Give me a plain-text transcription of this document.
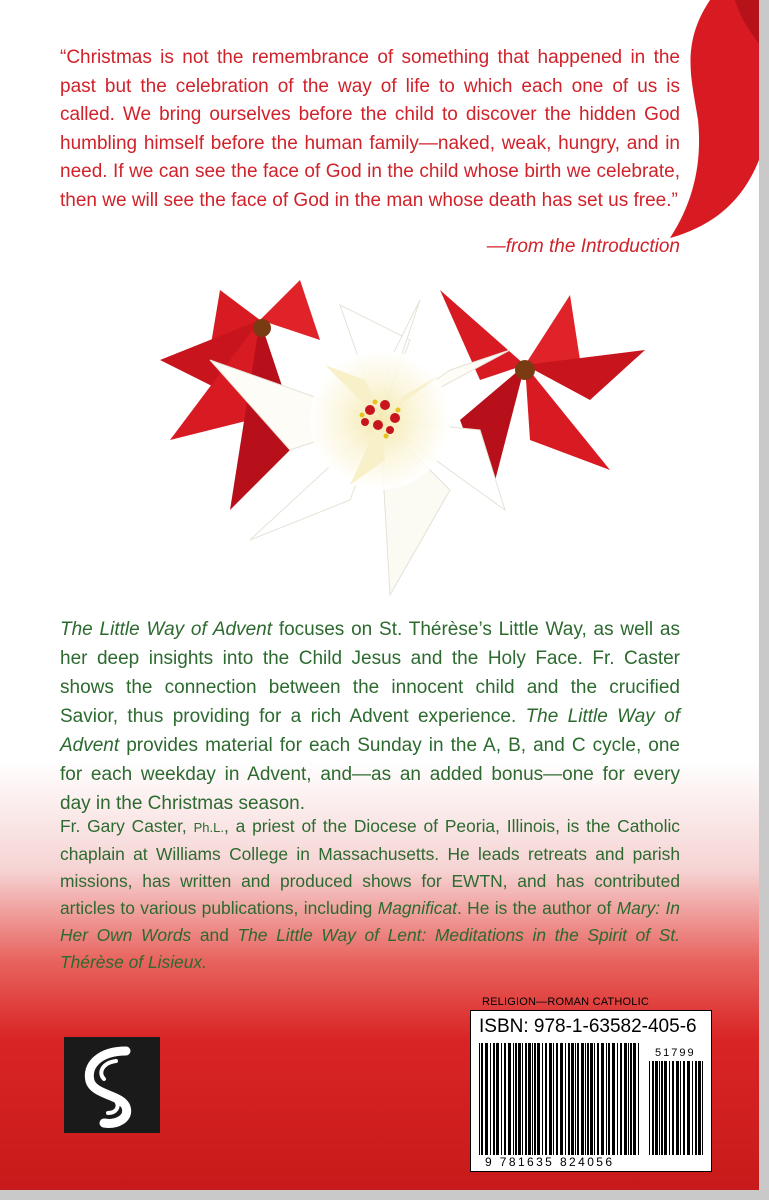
“Christmas is not the remembrance of something that happened in the past but the celebration of the way of life to which each one of us is called. We bring ourselves before the child to discover the hidden God humbling himself before the human family—naked, weak, hungry, and in need. If we can see the face of God in the child whose birth we celebrate, then we will see the face of God in the man whose death has set us free.”

—from the Introduction

The Little Way of Advent focuses on St. Thérèse’s Little Way, as well as her deep insights into the Child Jesus and the Holy Face. Fr. Caster shows the connection between the innocent child and the crucified Savior, thus providing for a rich Advent experience. The Little Way of Advent provides material for each Sunday in the A, B, and C cycle, one for each weekday in Advent, and—as an added bonus—one for every day in the Christmas season.

Fr. Gary Caster, Ph.L., a priest of the Diocese of Peoria, Illinois, is the Catholic chaplain at Williams College in Massachusetts. He leads retreats and parish missions, has written and produced shows for EWTN, and has contributed articles to various publications, including Magnificat. He is the author of Mary: In Her Own Words and The Little Way of Lent: Meditations in the Spirit of St. Thérèse of Lisieux.

RELIGION—ROMAN CATHOLIC
ISBN: 978-1-63582-405-6
51799
9 781635 824056
